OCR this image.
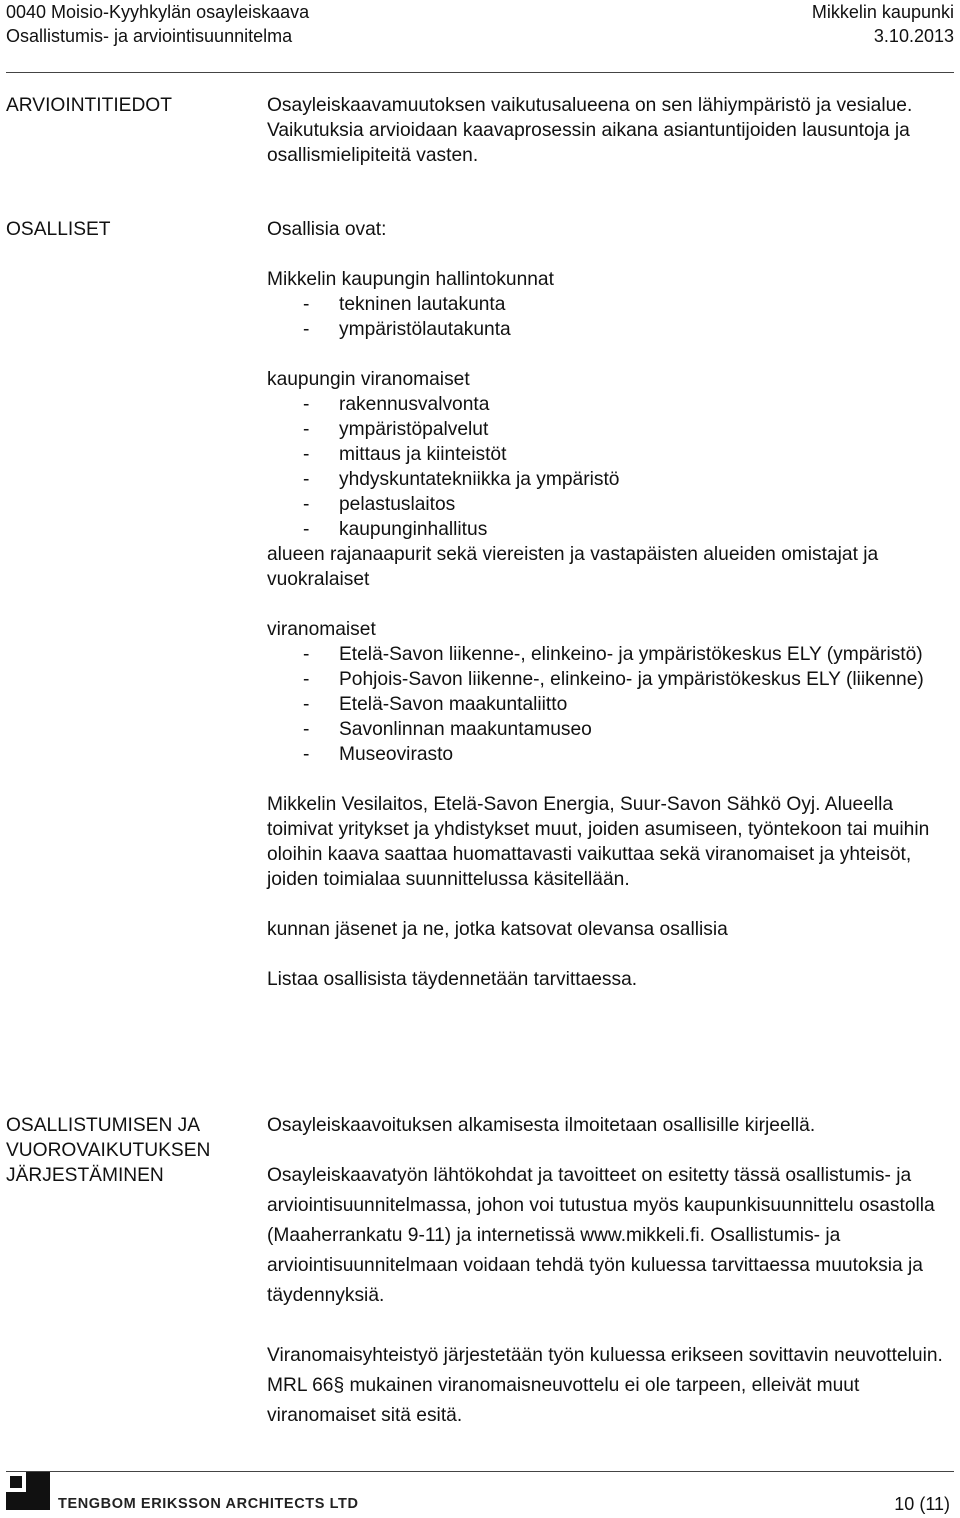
0040 Moisio-Kyyhkylän osayleiskaava	Mikkelin kaupunki
Osallistumis- ja arviointisuunnitelma	3.10.2013
ARVIOINTITIEDOT	Osayleiskaavamuutoksen vaikutusalueena on sen lähiympäristö ja vesialue. Vaikutuksia arvioidaan kaavaprosessin aikana asiantuntijoiden lausuntoja ja osallismielipiteitä vasten.

OSALLISET	Osallisia ovat:

Mikkelin kaupungin hallintokunnat

- tekninen lautakunta
- ympäristölautakunta

kaupungin viranomaiset

- rakennusvalvonta
- ympäristöpalvelut
- mittaus ja kiinteistöt
- yhdyskuntatekniikka ja ympäristö
- pelastuslaitos
- kaupunginhallitus

alueen rajanaapurit sekä viereisten ja vastapäisten alueiden omistajat ja vuokralaiset

viranomaiset

- Etelä-Savon liikenne-, elinkeino- ja ympäristökeskus ELY (ympäristö)
- Pohjois-Savon liikenne-, elinkeino- ja ympäristökeskus ELY (liikenne)
- Etelä-Savon maakuntaliitto
- Savonlinnan maakuntamuseo
- Museovirasto

Mikkelin Vesilaitos, Etelä-Savon Energia, Suur-Savon Sähkö Oyj. Alueella toimivat yritykset ja yhdistykset muut, joiden asumiseen, työntekoon tai muihin oloihin kaava saattaa huomattavasti vaikuttaa sekä viranomaiset ja yhteisöt, joiden toimialaa suunnittelussa käsitellään.

kunnan jäsenet ja ne, jotka katsovat olevansa osallisia

Listaa osallisista täydennetään tarvittaessa.

OSALLISTUMISEN JA
VUOROVAIKUTUKSEN
JÄRJESTÄMINEN

Osayleiskaavoituksen alkamisesta ilmoitetaan osallisille kirjeellä.

Osayleiskaavatyön lähtökohdat ja tavoitteet on esitetty tässä osallistumis- ja arviointisuunnitelmassa, johon voi tutustua myös kaupunkisuunnittelu osastolla (Maaherrankatu 9-11) ja internetissä www.mikkeli.fi. Osallistumis- ja arviointisuunnitelmaan voidaan tehdä työn kuluessa tarvittaessa muutoksia ja täydennyksiä.

Viranomaisyhteistyö järjestetään työn kuluessa erikseen sovittavin neuvotteluin. MRL 66§ mukainen viranomaisneuvottelu ei ole tarpeen, elleivät muut viranomaiset sitä esitä.

TENGBOM ERIKSSON ARCHITECTS LTD	10 (11)
